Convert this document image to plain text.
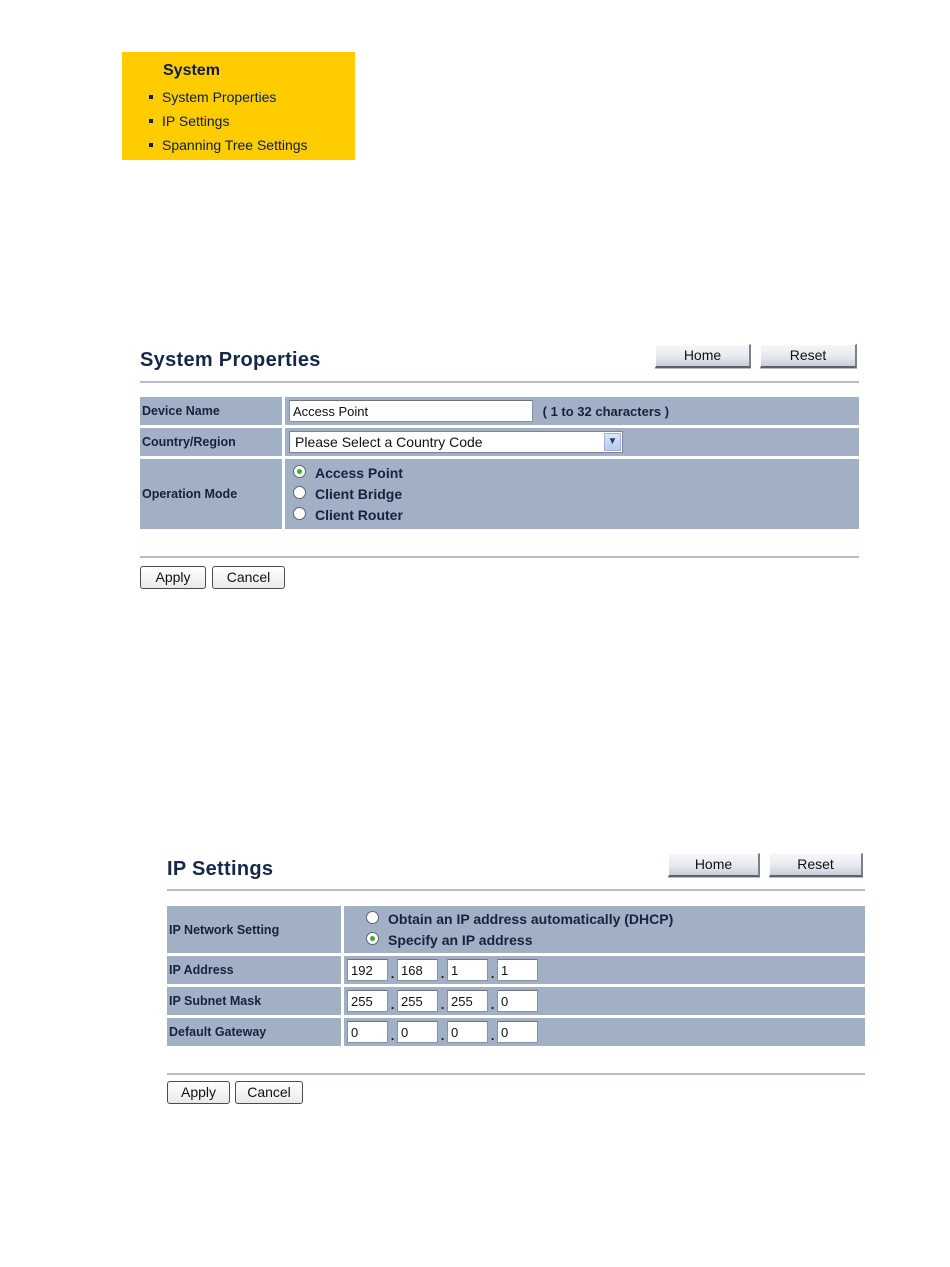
System
System Properties
IP Settings
Spanning Tree Settings
System Properties	Home	Reset
Device Name	Access Point( 1 to 32 characters )
Country/Region	Please Select a Country Code ▼

Operation Mode	Access Point
Client Bridge
Client Router
Apply	Cancel
IP Settings	Home	Reset
IP Network Setting	Obtain an IP address automatically (DHCP)
Specify an IP address

IP Address	192.168 .1 .1
IP Subnet Mask	255.255 .255 .0
Default Gateway	0.0 .0 .0
Apply	Cancel
